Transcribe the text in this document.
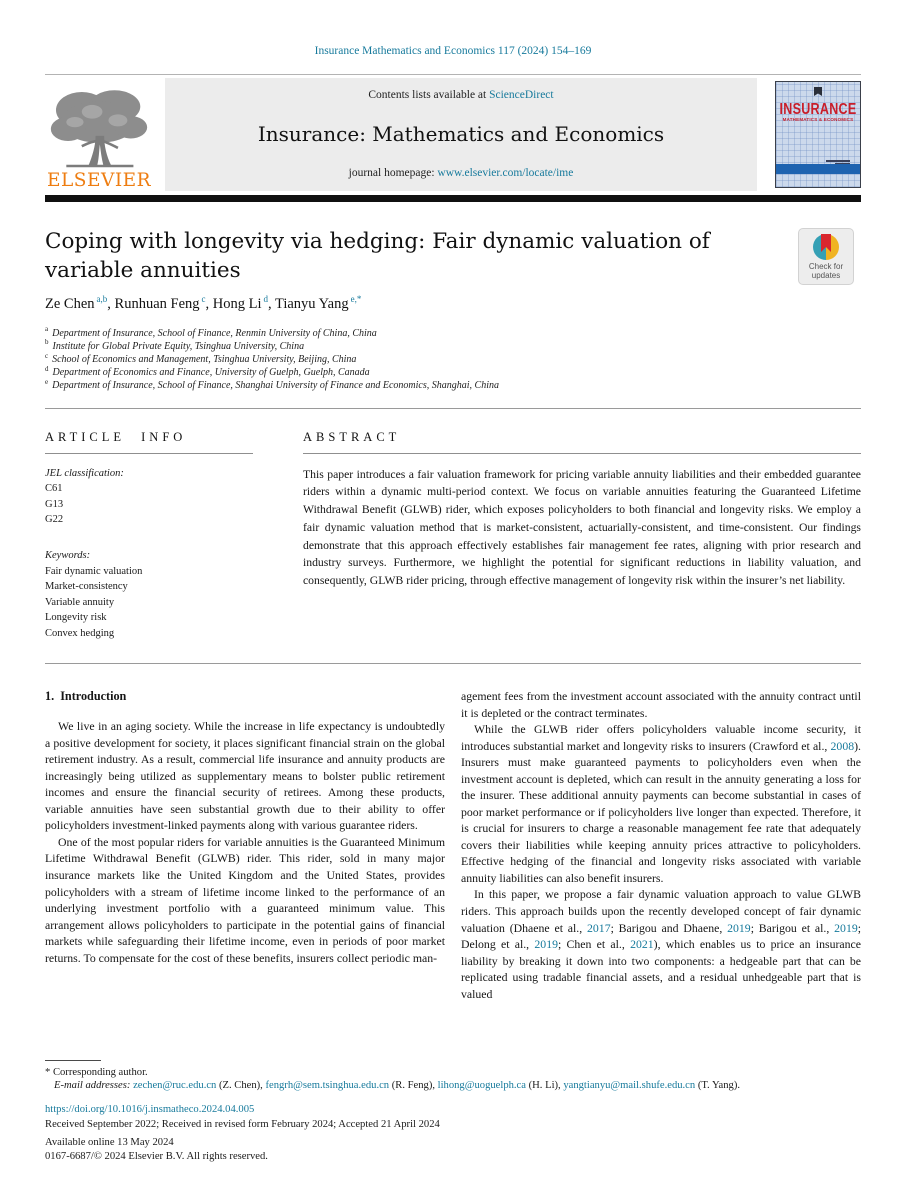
Insurance Mathematics and Economics 117 (2024) 154–169
ELSEVIER
Contents lists available at ScienceDirect
Insurance: Mathematics and Economics
journal homepage: www.elsevier.com/locate/ime
INSURANCE
MATHEMATICS & ECONOMICS
Coping with longevity via hedging: Fair dynamic valuation of variable annuities	Check for
updates

Ze Chen $^{a,b}$, Runhuan Feng $^c$, Hong Li $^d$, Tianyu Yang $^{e,*}$

$^a$ Department of Insurance, School of Finance, Renmin University of China, China
$^b$ Institute for Global Private Equity, Tsinghua University, China
$^c$ School of Economics and Management, Tsinghua University, Beijing, China
$^d$ Department of Economics and Finance, University of Guelph, Guelph, Canada
$^e$ Department of Insurance, School of Finance, Shanghai University of Finance and Economics, Shanghai, China
ARTICLE INFO
JEL classification:
C61
G13
G22
Keywords:
Fair dynamic valuation
Market-consistency
Variable annuity
Longevity risk
Convex hedging
ABSTRACT

This paper introduces a fair valuation framework for pricing variable annuity liabilities and their embedded guarantee riders within a dynamic multi-period context. We focus on variable annuities featuring the Guaranteed Lifetime Withdrawal Benefit (GLWB) rider, which exposes policyholders to both financial and longevity risks. We employ a fair dynamic valuation method that is market-consistent, actuarially-consistent, and time-consistent. Our findings demonstrate that this approach effectively establishes fair management fee rates, aligning with prior research and industry surveys. Furthermore, we highlight the potential for significant reductions in liability valuation, and consequently, GLWB rider pricing, through effective management of longevity risk within the insurer’s net liability.

1. Introduction

We live in an aging society. While the increase in life expectancy is undoubtedly a positive development for society, it places significant financial strain on the global retirement industry. As a result, commercial life insurance and annuity products are increasingly being utilized as supplementary means to bolster public retirement incomes and ensure the financial security of retirees. Among these products, variable annuities have seen substantial growth due to their ability to offer policyholders investment-linked payments along with various guarantee riders.

One of the most popular riders for variable annuities is the Guaranteed Minimum Lifetime Withdrawal Benefit (GLWB) rider. This rider, sold in many major insurance markets like the United Kingdom and the United States, provides policyholders with a stream of lifetime income linked to the performance of an underlying investment portfolio with a guaranteed minimum value. This arrangement allows policyholders to participate in the potential gains of financial markets while safeguarding their lifetime income, even in periods of poor market returns. To compensate for the cost of these benefits, insurers collect periodic man-

agement fees from the investment account associated with the annuity contract until it is depleted or the contract terminates.

While the GLWB rider offers policyholders valuable income security, it introduces substantial market and longevity risks to insurers (Crawford et al., 2008). Insurers must make guaranteed payments to policyholders even when the investment account is depleted, which can result in the annuity generating a loss for the insurer. These additional annuity payments can become substantial in cases of poor market performance or if policyholders live longer than expected. Therefore, it is crucial for insurers to charge a reasonable management fee rate that adequately covers their liabilities while keeping annuity prices attractive to policyholders. Effective hedging of the financial and longevity risks associated with variable annuity liabilities can also benefit insurers.

In this paper, we propose a fair dynamic valuation approach to value GLWB riders. This approach builds upon the recently developed concept of fair dynamic valuation (Dhaene et al., 2017; Barigou and Dhaene, 2019; Barigou et al., 2019; Delong et al., 2019; Chen et al., 2021), which enables us to price an insurance liability by breaking it down into two components: a hedgeable part that can be replicated using tradable financial assets, and a residual unhedgeable part that is valued

* Corresponding author.

E-mail addresses: zechen@ruc.edu.cn (Z. Chen), fengrh@sem.tsinghua.edu.cn (R. Feng), lihong@uoguelph.ca (H. Li), yangtianyu@mail.shufe.edu.cn (T. Yang).

https://doi.org/10.1016/j.insmatheco.2024.04.005

Received September 2022; Received in revised form February 2024; Accepted 21 April 2024

Available online 13 May 2024

0167-6687/© 2024 Elsevier B.V. All rights reserved.
